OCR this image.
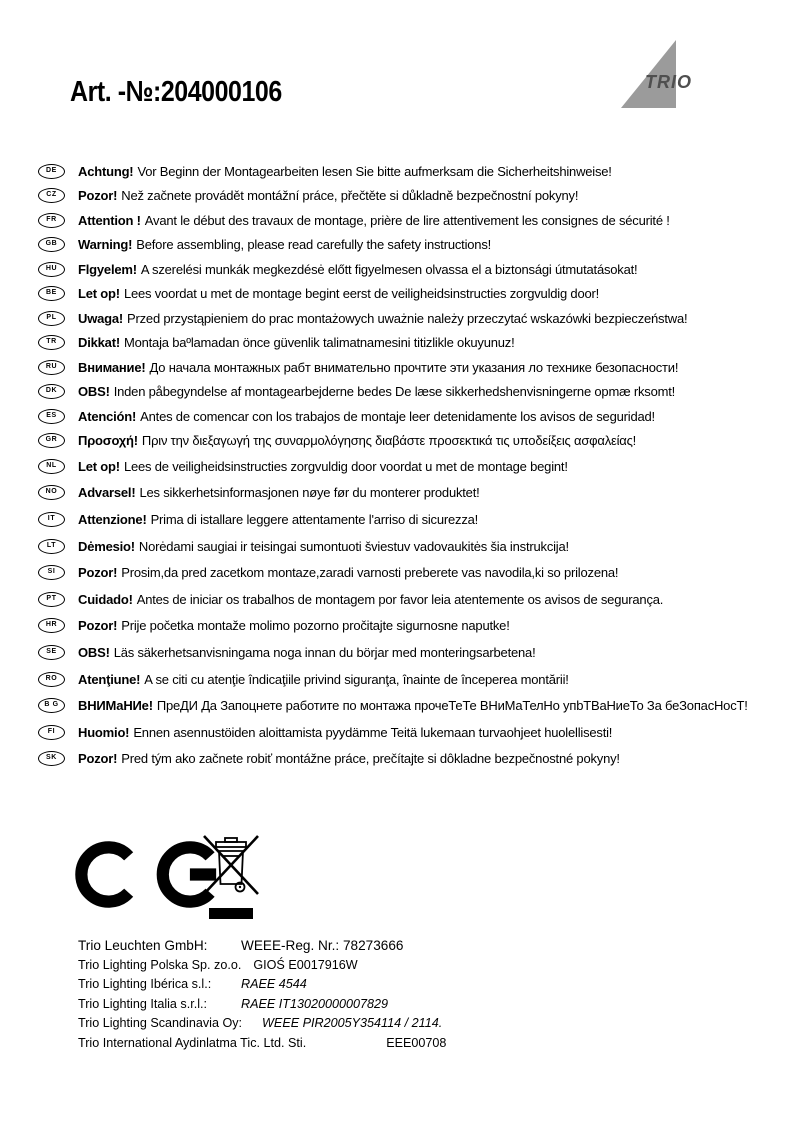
Art. -№:204000106	TRIO
DE	Achtung! Vor Beginn der Montagearbeiten lesen Sie bitte aufmerksam die Sicherheitshinweise!
CZ	Pozor! Než začnete provádět montážní práce, přečtěte si důkladně bezpečnostní pokyny!
FR	Attention ! Avant le début des travaux de montage, prière de lire attentivement les consignes de sécurité !
GB	Warning! Before assembling, please read carefully the safety instructions!
HU	Flgyelem! A szerelési munkák megkezdésė előtt figyelmesen olvassa el a biztonsági útmutatásokat!
BE	Let op! Lees voordat u met de montage begint eerst de veiligheidsinstructies zorgvuldig door!
PL	Uwaga! Przed przystąpieniem do prac montażowych uważnie należy przeczytać wskazówki bezpieczeństwa!
TR	Dikkat! Montaja baºlamadan önce güvenlik talimatnamesini titizlikle okuyunuz!
RU	Внимание! До начала монтажных рабт внимательно прочтите эти указания ло технике безопасности!
DK	OBS! Inden påbegyndelse af montagearbejderne bedes De læse sikkerhedshenvisningerne opmæ rksomt!
ES	Atención! Antes de comencar con los trabajos de montaje leer detenidamente los avisos de seguridad!
GR	Προσοχή! Πριν την διεξαγωγή της συναρμολόγησης διαβάστε προσεκτικά τις υποδείξεις ασφαλείας!
NL	Let op! Lees de veiligheidsinstructies zorgvuldig door voordat u met de montage begint!
NO	Advarsel! Les sikkerhetsinformasjonen nøye før du monterer produktet!
IT	Attenzione! Prima di istallare leggere attentamente l'arriso di sicurezza!
LT	Dėmesio! Norėdami saugiai ir teisingai sumontuoti šviestuv vadovaukitės šia instrukcija!
SI	Pozor! Prosim,da pred zacetkom montaze,zaradi varnosti preberete vas navodila,ki so prilozena!
PT	Cuidado! Antes de iniciar os trabalhos de montagem por favor leia atentemente os avisos de segurança.
HR	Pozor! Prije početka montaže molimo pozorno pročitajte sigurnosne naputke!
SE	OBS! Läs säkerhetsanvisningama noga innan du börjar med monteringsarbetena!
RO	Atenţiune! A se citi cu atenţie îndicaţiile privind siguranţa, înainte de începerea montării!
B G	ВНИМаНИе! ПреДИ Да Запоцнете работите по монтажа прочеТеТе ВНиМаТелНо упbТВаНиеТо За беЗопасНосТ!
FI	Huomio! Ennen asennustöiden aloittamista pyydämme Teitä lukemaan turvaohjeet huolellisesti!
SK	Pozor! Pred tým ako začnete robiť montážne práce, prečítajte si dôkladne bezpečnostné pokyny!
Trio Leuchten GmbH:	WEEE-Reg. Nr.: 78273666
Trio Lighting Polska Sp. zo.o. GIOŚ E0017916W
Trio Lighting Ibérica s.l.:	RAEE 4544
Trio Lighting Italia s.r.l.:	RAEE IT13020000007829
Trio Lighting Scandinavia Oy: WEEE PIR2005Y354114 / 2114.
Trio International Aydinlatma Tic. Ltd. Sti.	EEE00708
